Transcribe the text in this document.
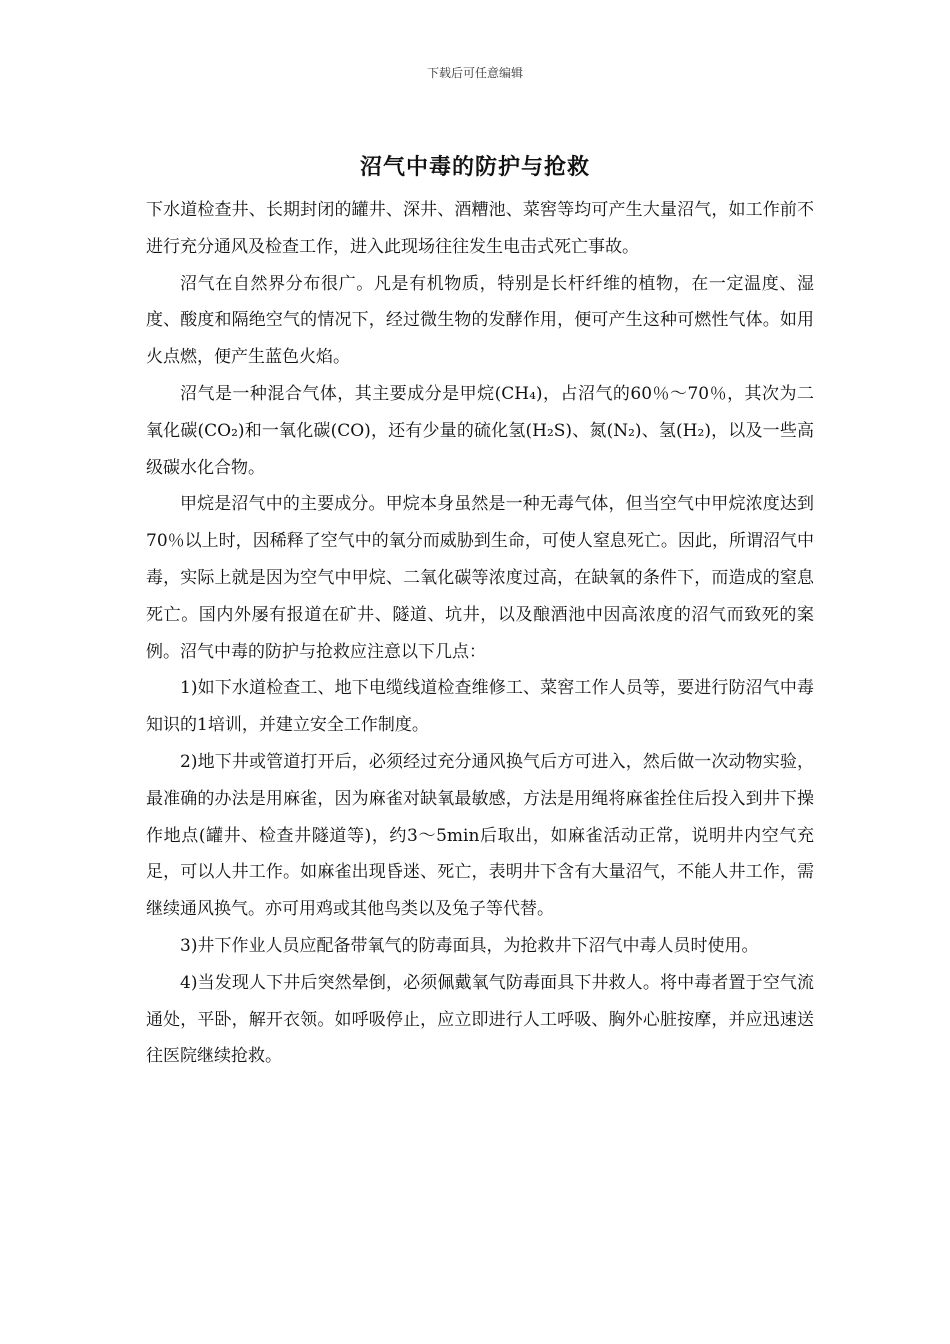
下载后可任意编辑
沼气中毒的防护与抢救

下水道检查井、长期封闭的罐井、深井、酒糟池、菜窖等均可产生大量沼气，如工作前不进行充分通风及检查工作，进入此现场往往发生电击式死亡事故。

沼气在自然界分布很广。凡是有机物质，特别是长杆纤维的植物，在一定温度、湿度、酸度和隔绝空气的情况下，经过微生物的发酵作用，便可产生这种可燃性气体。如用火点燃，便产生蓝色火焰。

沼气是一种混合气体，其主要成分是甲烷(CH₄)，占沼气的60％～70％，其次为二氧化碳(CO₂)和一氧化碳(CO)，还有少量的硫化氢(H₂S)、氮(N₂)、氢(H₂)，以及一些高级碳水化合物。

甲烷是沼气中的主要成分。甲烷本身虽然是一种无毒气体，但当空气中甲烷浓度达到70％以上时，因稀释了空气中的氧分而威胁到生命，可使人窒息死亡。因此，所谓沼气中毒，实际上就是因为空气中甲烷、二氧化碳等浓度过高，在缺氧的条件下，而造成的窒息死亡。国内外屡有报道在矿井、隧道、坑井，以及酿酒池中因高浓度的沼气而致死的案例。沼气中毒的防护与抢救应注意以下几点：

1)如下水道检查工、地下电缆线道检查维修工、菜窖工作人员等，要进行防沼气中毒知识的1培训，并建立安全工作制度。

2)地下井或管道打开后，必须经过充分通风换气后方可进入，然后做一次动物实验，最准确的办法是用麻雀，因为麻雀对缺氧最敏感，方法是用绳将麻雀拴住后投入到井下操作地点(罐井、检查井隧道等)，约3～5min后取出，如麻雀活动正常，说明井内空气充足，可以人井工作。如麻雀出现昏迷、死亡，表明井下含有大量沼气，不能人井工作，需继续通风换气。亦可用鸡或其他鸟类以及兔子等代替。

3)井下作业人员应配备带氧气的防毒面具，为抢救井下沼气中毒人员时使用。

4)当发现人下井后突然晕倒，必须佩戴氧气防毒面具下井救人。将中毒者置于空气流通处，平卧，解开衣领。如呼吸停止，应立即进行人工呼吸、胸外心脏按摩，并应迅速送往医院继续抢救。
